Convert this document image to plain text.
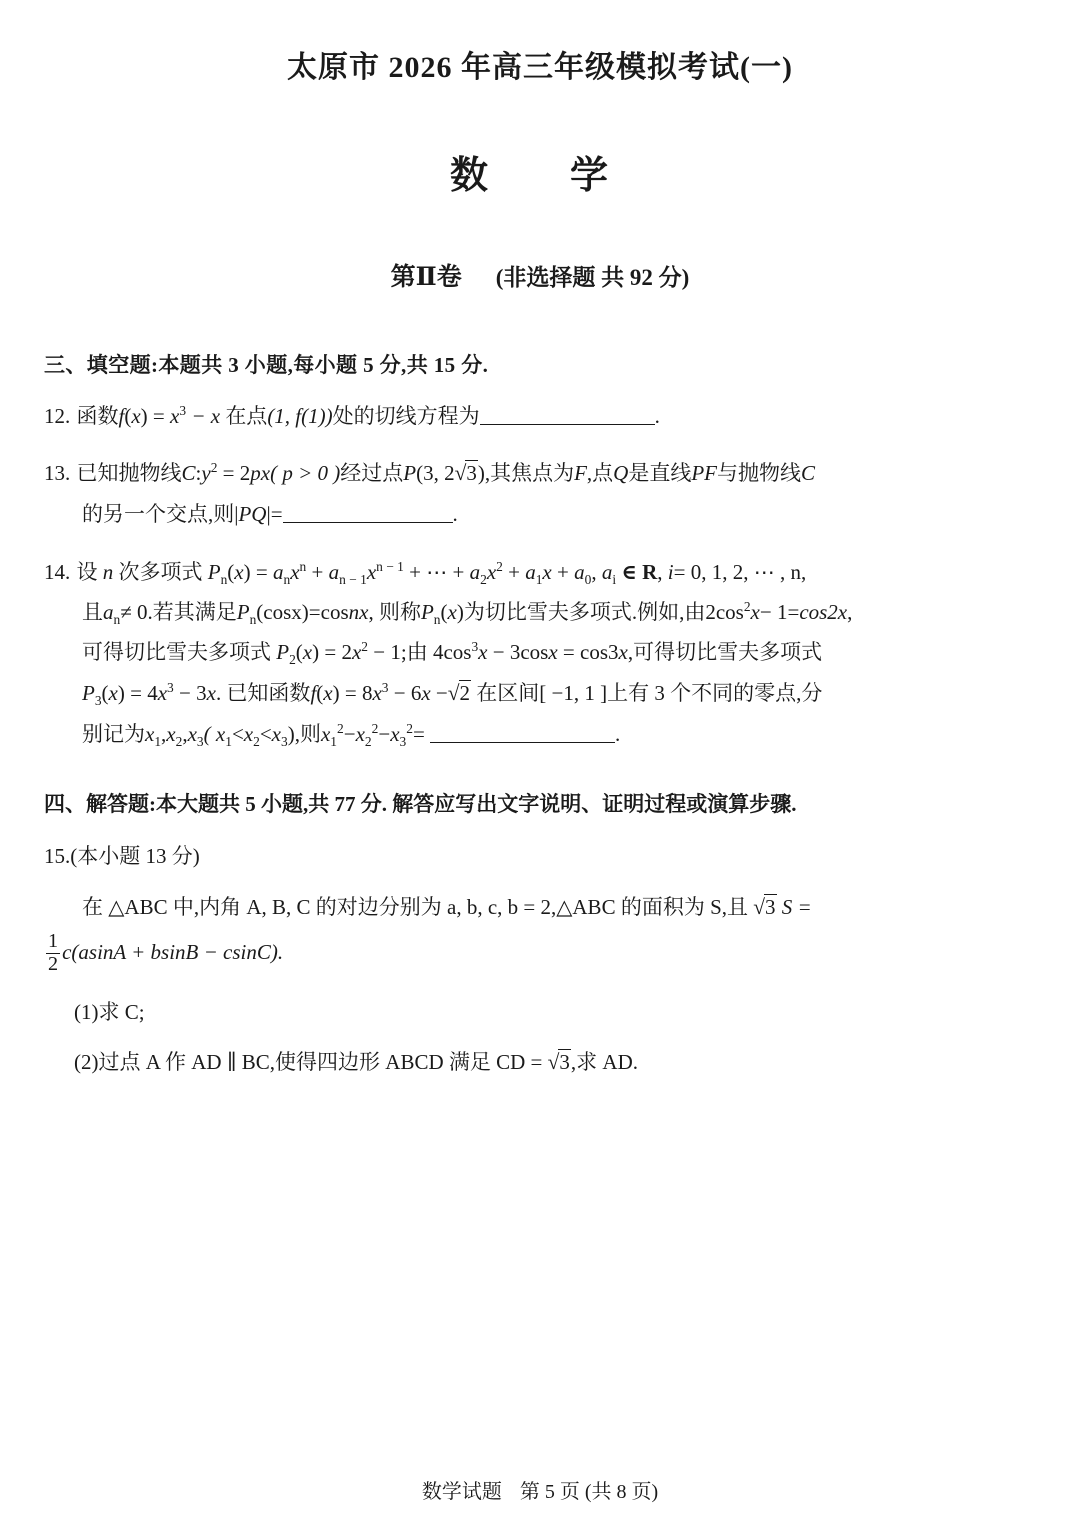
太原市 2026 年高三年级模拟考试(一)
数　学
第Ⅱ卷 (非选择题 共 92 分)
三、填空题:本题共 3 小题,每小题 5 分,共 15 分.
12. 函数$f(x) = x^3 - x$ 在点(1, f(1))处的切线方程为	.
13. 已知抛物线$C:y^2 = 2px$( p > 0 )经过点P(3, 2√3),其焦点为F,点Q是直线PF与抛物线C
的另一个交点,则|PQ|=	.
14. 设 n 次多项式 $P_n(x) = a_nx^n + a_{n - 1}x^{n - 1}$ + ⋯ + $a_2x^2 + a_1x + a_0$, $a_i$ ∈ R, i= 0, 1, 2, ⋯ , n,
且$a_n\ne 0$.若其满足$P_n(\cos x)=cosnx$, 则称$P_n(x)$为切比雪夫多项式.例如,由$2\cos^2x- 1=\cos 2x$,
可得切比雪夫多项式 $P_2(x) = 2x^2 - 1$;由 $4\cos^3x - 3\cos x = \cos 3x$,可得切比雪夫多项式
$P_3(x) = 4x^3 - 3x$. 已知函数$f(x) = 8x^3 - 6x -√2$ 在区间[ −1, 1 ]上有 3 个不同的零点,分
别记为$x_1,x_2,x_3$( $x_1<x_2<x_3$),则$x_1^2-x_2^2-x_3^2=$	.
四、解答题:本大题共 5 小题,共 77 分. 解答应写出文字说明、证明过程或演算步骤.
15.(本小题 13 分)
在 △ABC 中,内角 A, B, C 的对边分别为 a, b, c, b = 2,△ABC 的面积为 S,且 √3 S =
$\frac{1}{2} c(asinA + bsinB - csinC)$.
(1)求 C;
(2)过点 A 作 AD ∥ BC,使得四边形 ABCD 满足 CD = √3,求 AD.
数学试题 第 5 页 (共 8 页)
